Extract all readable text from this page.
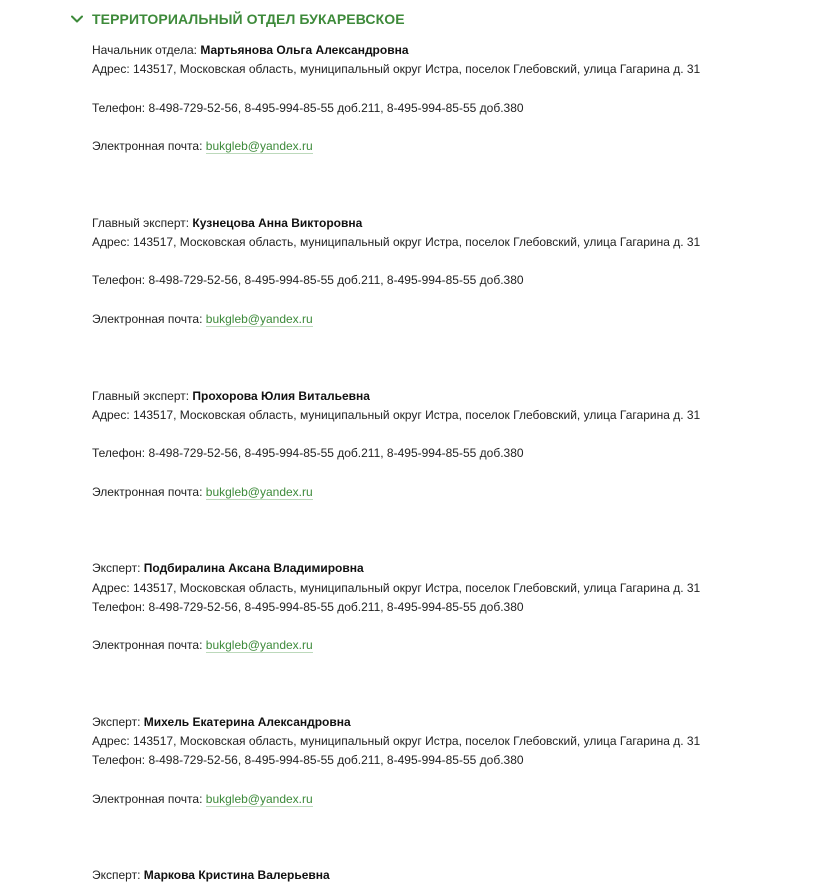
ТЕРРИТОРИАЛЬНЫЙ ОТДЕЛ БУКАРЕВСКОЕ
Начальник отдела: Мартьянова Ольга Александровна
Адрес: 143517, Московская область, муниципальный округ Истра, поселок Глебовский, улица Гагарина д. 31
Телефон: 8-498-729-52-56, 8-495-994-85-55 доб.211, 8-495-994-85-55 доб.380
Электронная почта: bukgleb@yandex.ru
Главный эксперт: Кузнецова Анна Викторовна
Адрес: 143517, Московская область, муниципальный округ Истра, поселок Глебовский, улица Гагарина д. 31
Телефон: 8-498-729-52-56, 8-495-994-85-55 доб.211, 8-495-994-85-55 доб.380
Электронная почта: bukgleb@yandex.ru
Главный эксперт: Прохорова Юлия Витальевна
Адрес: 143517, Московская область, муниципальный округ Истра, поселок Глебовский, улица Гагарина д. 31
Телефон: 8-498-729-52-56, 8-495-994-85-55 доб.211, 8-495-994-85-55 доб.380
Электронная почта: bukgleb@yandex.ru
Эксперт: Подбиралина Аксана Владимировна
Адрес: 143517, Московская область, муниципальный округ Истра, поселок Глебовский, улица Гагарина д. 31
Телефон: 8-498-729-52-56, 8-495-994-85-55 доб.211, 8-495-994-85-55 доб.380
Электронная почта: bukgleb@yandex.ru
Эксперт: Михель Екатерина Александровна
Адрес: 143517, Московская область, муниципальный округ Истра, поселок Глебовский, улица Гагарина д. 31
Телефон: 8-498-729-52-56, 8-495-994-85-55 доб.211, 8-495-994-85-55 доб.380
Электронная почта: bukgleb@yandex.ru
Эксперт: Маркова Кристина Валерьевна
